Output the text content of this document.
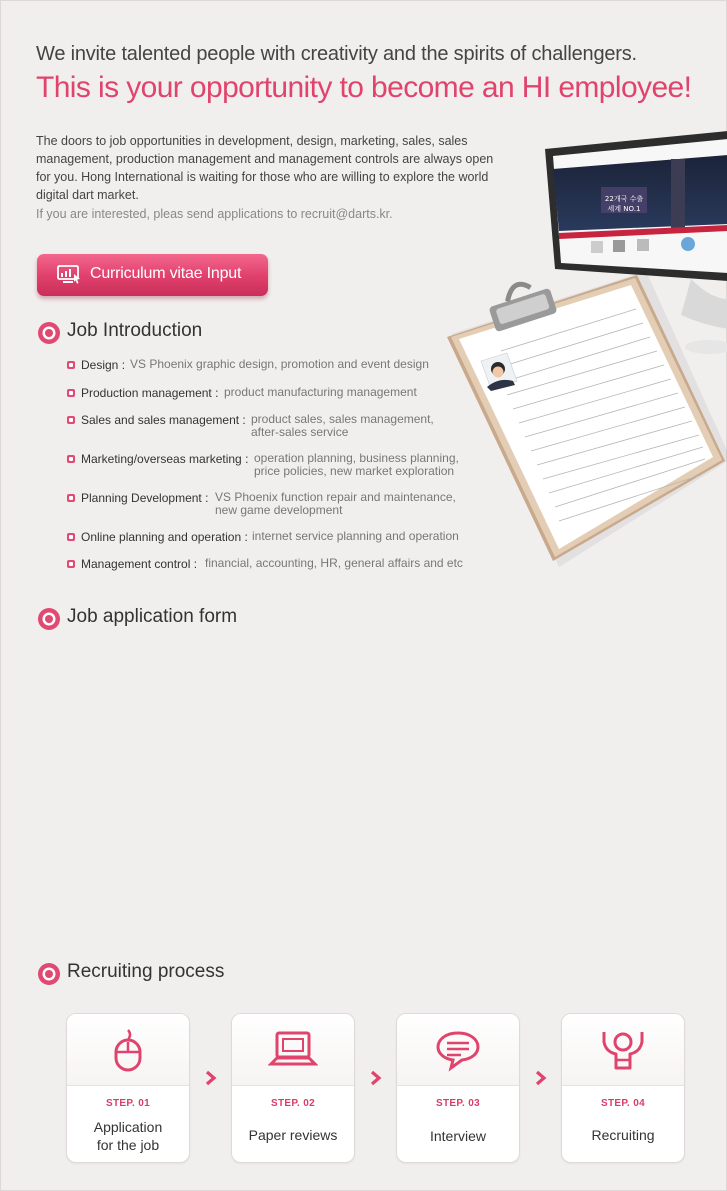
We invite talented people with creativity and the spirits of challengers.
This is your opportunity to become an HI employee!
The doors to job opportunities in development, design, marketing, sales, sales management, production management and management controls are always open for you. Hong International is waiting for those who are willing to explore the world digital dart market.
If you are interested, pleas send applications to recruit@darts.kr.
22개국 수출
세계 NO.1
Curriculum vitae Input
Job Introduction
Design : VS Phoenix graphic design, promotion and event design
Production management : product manufacturing management
Sales and sales management : product sales, sales management,
after-sales service
Marketing/overseas marketing : operation planning, business planning,
price policies, new market exploration
Planning Development : VS Phoenix function repair and maintenance,
new game development
Online planning and operation : internet service planning and operation
Management control : financial, accounting, HR, general affairs and etc
Job application form
Recruiting process
STEP. 01
Application
for the job
STEP. 02
Paper reviews
STEP. 03
Interview
STEP. 04
Recruiting
